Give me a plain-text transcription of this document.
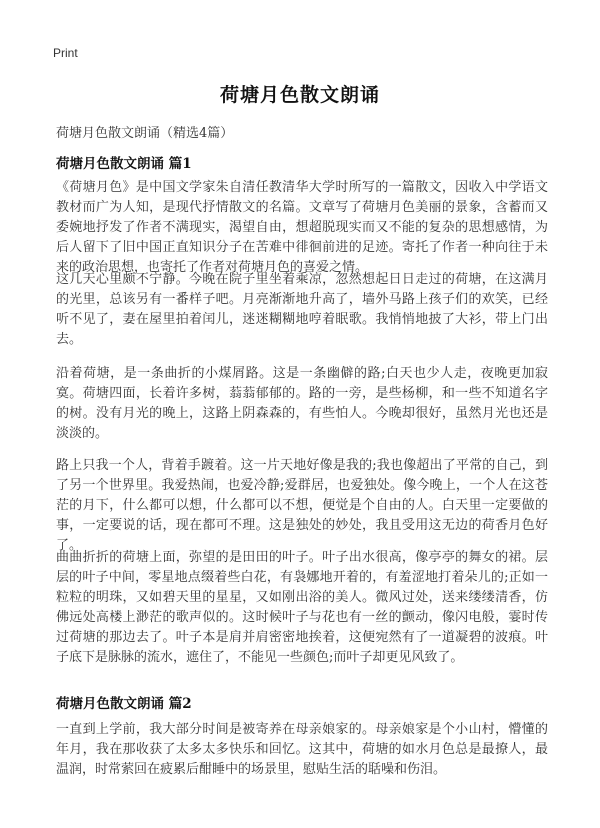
Print
荷塘月色散文朗诵
荷塘月色散文朗诵（精选4篇）
荷塘月色散文朗诵 篇1
《荷塘月色》是中国文学家朱自清任教清华大学时所写的一篇散文，因收入中学语文教材而广为人知，是现代抒情散文的名篇。文章写了荷塘月色美丽的景象，含蓄而又委婉地抒发了作者不满现实，渴望自由，想超脱现实而又不能的复杂的思想感情，为后人留下了旧中国正直知识分子在苦难中徘徊前进的足迹。寄托了作者一种向往于未来的政治思想，也寄托了作者对荷塘月色的喜爱之情。
这几天心里颇不宁静。今晚在院子里坐着乘凉，忽然想起日日走过的荷塘，在这满月的光里，总该另有一番样子吧。月亮渐渐地升高了，墙外马路上孩子们的欢笑，已经听不见了，妻在屋里拍着闰儿，迷迷糊糊地哼着眠歌。我悄悄地披了大衫，带上门出去。
沿着荷塘，是一条曲折的小煤屑路。这是一条幽僻的路;白天也少人走，夜晚更加寂寞。荷塘四面，长着许多树，蓊蓊郁郁的。路的一旁，是些杨柳，和一些不知道名字的树。没有月光的晚上，这路上阴森森的，有些怕人。今晚却很好，虽然月光也还是淡淡的。
路上只我一个人，背着手踱着。这一片天地好像是我的;我也像超出了平常的自己，到了另一个世界里。我爱热闹，也爱冷静;爱群居，也爱独处。像今晚上，一个人在这苍茫的月下，什么都可以想，什么都可以不想，便觉是个自由的人。白天里一定要做的事，一定要说的话，现在都可不理。这是独处的妙处，我且受用这无边的荷香月色好了。
曲曲折折的荷塘上面，弥望的是田田的叶子。叶子出水很高，像亭亭的舞女的裙。层层的叶子中间，零星地点缀着些白花，有袅娜地开着的，有羞涩地打着朵儿的;正如一粒粒的明珠，又如碧天里的星星，又如刚出浴的美人。微风过处，送来缕缕清香，仿佛远处高楼上渺茫的歌声似的。这时候叶子与花也有一丝的颤动，像闪电般，霎时传过荷塘的那边去了。叶子本是肩并肩密密地挨着，这便宛然有了一道凝碧的波痕。叶子底下是脉脉的流水，遮住了，不能见一些颜色;而叶子却更见风致了。
荷塘月色散文朗诵 篇2
一直到上学前，我大部分时间是被寄养在母亲娘家的。母亲娘家是个小山村，懵懂的年月，我在那收获了太多太多快乐和回忆。这其中，荷塘的如水月色总是最撩人，最温润，时常萦回在疲累后酣睡中的场景里，慰贴生活的聒噪和伤泪。
